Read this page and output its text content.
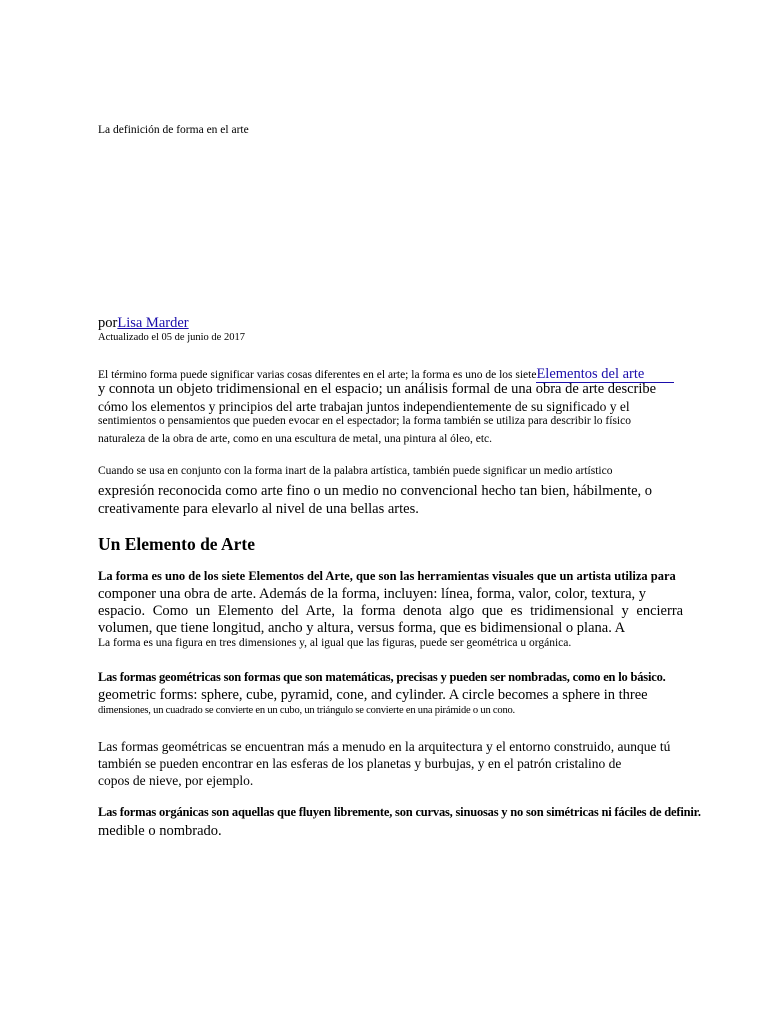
La definición de forma en el arte
porLisa Marder
Actualizado el 05 de junio de 2017
El término forma puede significar varias cosas diferentes en el arte; la forma es uno de los sieteElementos del arte
y connota un objeto tridimensional en el espacio; un análisis formal de una obra de arte describe
cómo los elementos y principios del arte trabajan juntos independientemente de su significado y el
sentimientos o pensamientos que pueden evocar en el espectador; la forma también se utiliza para describir lo físico
naturaleza de la obra de arte, como en una escultura de metal, una pintura al óleo, etc.
Cuando se usa en conjunto con la forma inart de la palabra artística, también puede significar un medio artístico
expresión reconocida como arte fino o un medio no convencional hecho tan bien, hábilmente, o
creativamente para elevarlo al nivel de una bellas artes.
Un Elemento de Arte
La forma es uno de los siete Elementos del Arte, que son las herramientas visuales que un artista utiliza para
componer una obra de arte. Además de la forma, incluyen: línea, forma, valor, color, textura, y
espacio. Como un Elemento del Arte, la forma denota algo que es tridimensional y encierra
volumen, que tiene longitud, ancho y altura, versus forma, que es bidimensional o plana. A
La forma es una figura en tres dimensiones y, al igual que las figuras, puede ser geométrica u orgánica.
Las formas geométricas son formas que son matemáticas, precisas y pueden ser nombradas, como en lo básico.
geometric forms: sphere, cube, pyramid, cone, and cylinder. A circle becomes a sphere in three
dimensiones, un cuadrado se convierte en un cubo, un triángulo se convierte en una pirámide o un cono.
Las formas geométricas se encuentran más a menudo en la arquitectura y el entorno construido, aunque tú
también se pueden encontrar en las esferas de los planetas y burbujas, y en el patrón cristalino de
copos de nieve, por ejemplo.
Las formas orgánicas son aquellas que fluyen libremente, son curvas, sinuosas y no son simétricas ni fáciles de definir.
medible o nombrado.
